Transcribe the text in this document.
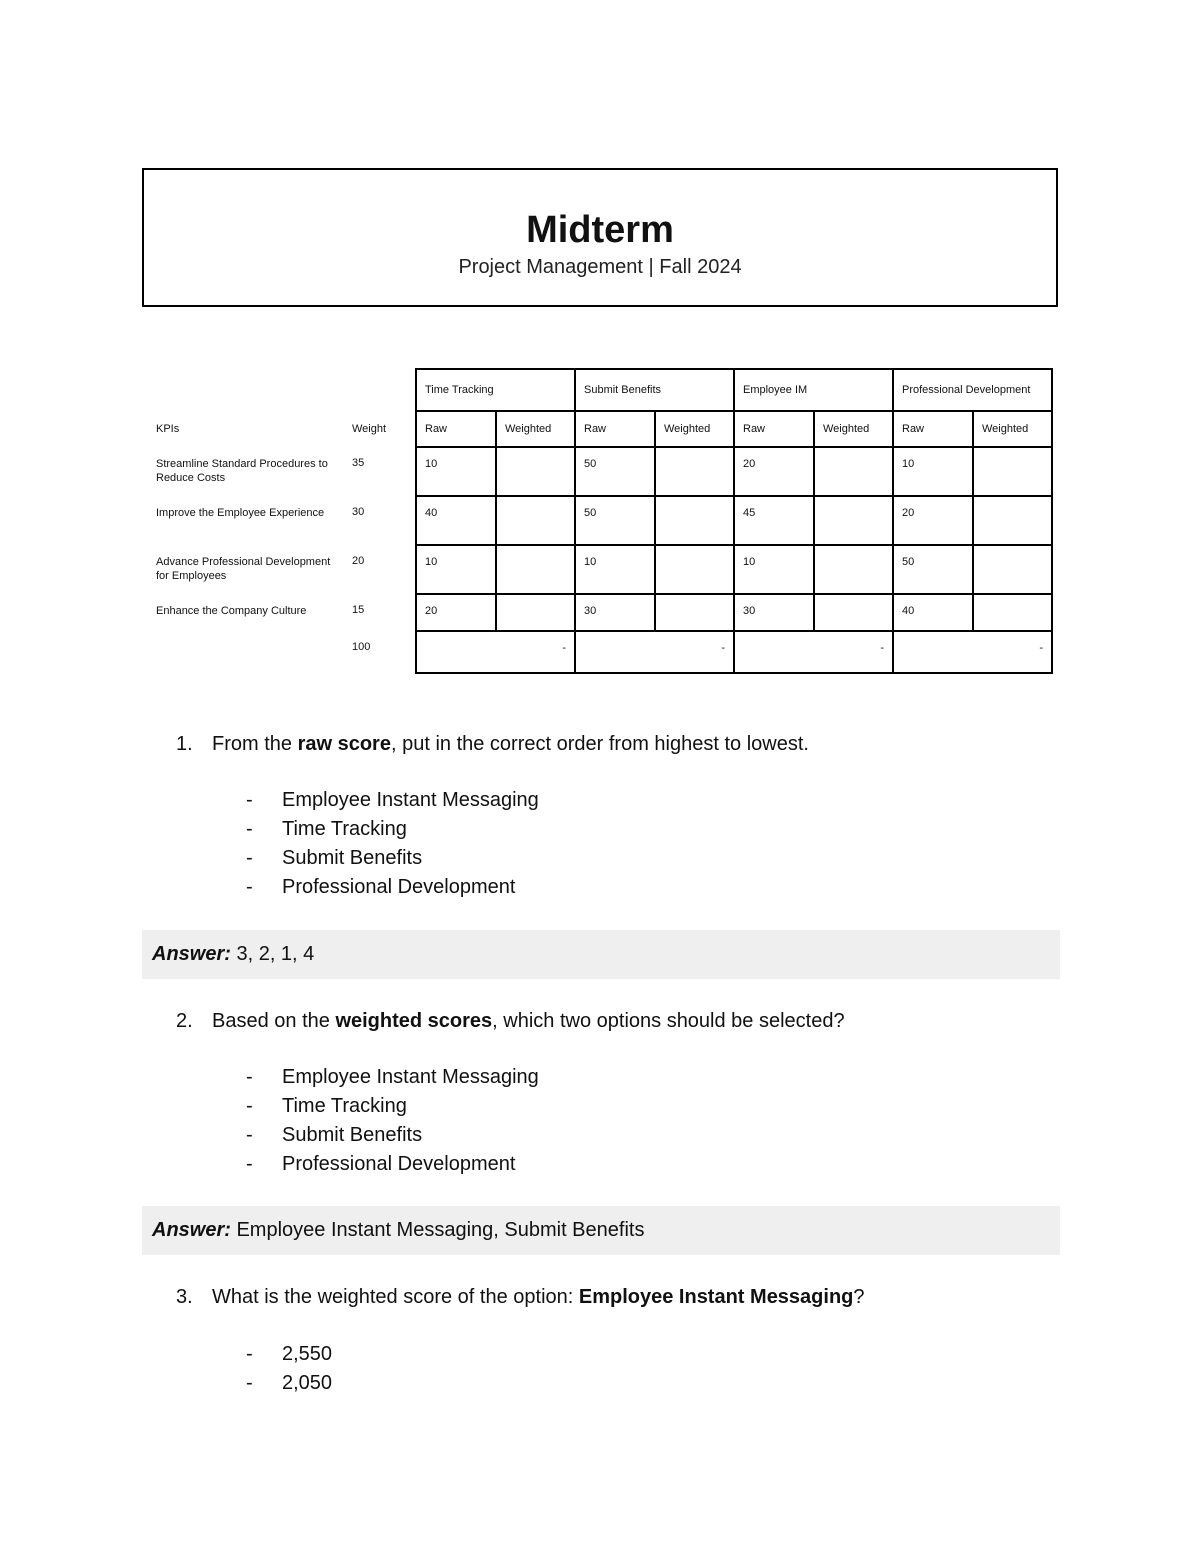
Midterm
Project Management | Fall 2024
		Time Tracking		Submit Benefits		Employee IM		Professional Development	
KPIs	Weight	Raw	Weighted	Raw	Weighted	Raw	Weighted	Raw	Weighted
Streamline Standard Procedures to Reduce Costs	35	10		50		20		10	
Improve the Employee Experience	30	40		50		45		20	
Advance Professional Development for Employees	20	10		10		10		50	
Enhance the Company Culture	15	20		30		30		40	
	100	-		-		-		-	
1. From the raw score, put in the correct order from highest to lowest.
- Employee Instant Messaging
- Time Tracking
- Submit Benefits
- Professional Development
Answer: 3, 2, 1, 4
2. Based on the weighted scores, which two options should be selected?
- Employee Instant Messaging
- Time Tracking
- Submit Benefits
- Professional Development
Answer: Employee Instant Messaging, Submit Benefits
3. What is the weighted score of the option: Employee Instant Messaging?
- 2,550
- 2,050
